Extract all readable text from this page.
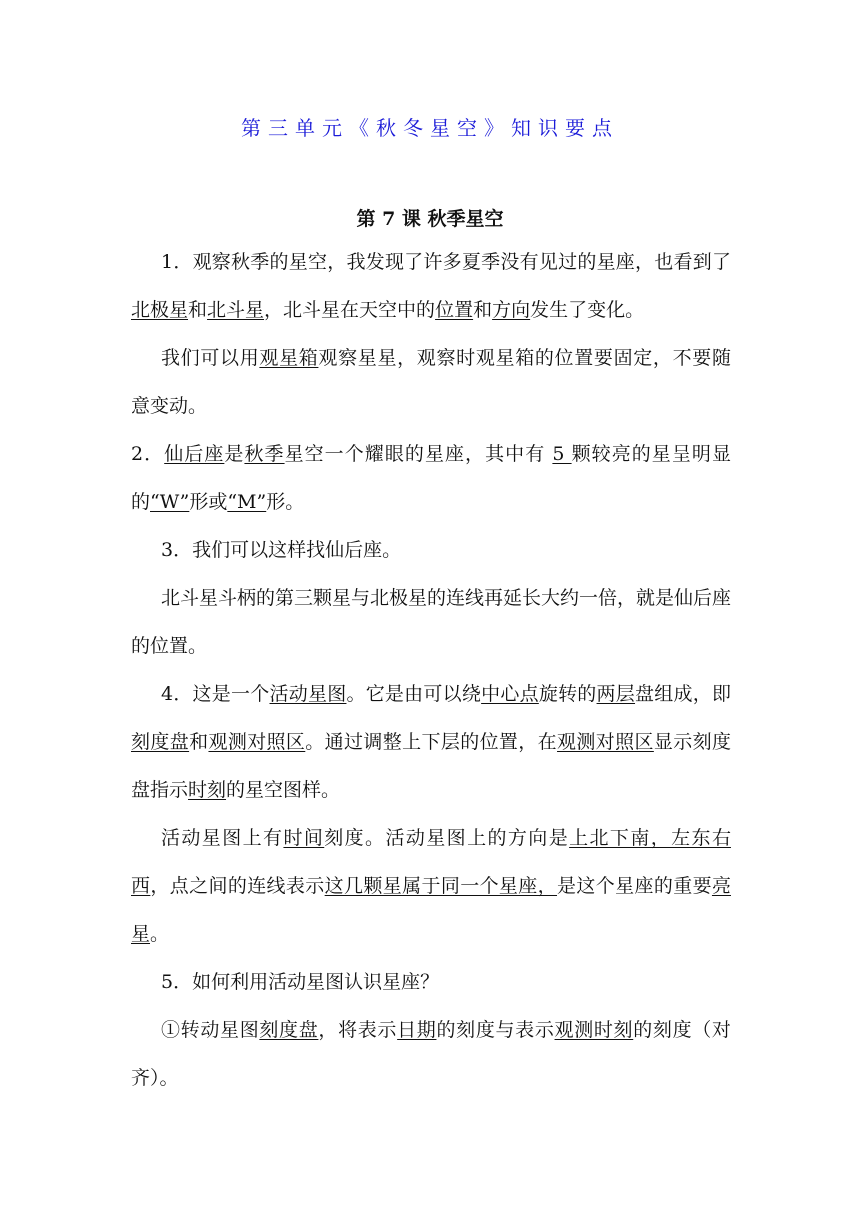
第三单元《秋冬星空》知识要点
第 7 课 秋季星空

1．观察秋季的星空，我发现了许多夏季没有见过的星座，也看到了北极星和北斗星，北斗星在天空中的位置和方向发生了变化。

我们可以用观星箱观察星星，观察时观星箱的位置要固定，不要随意变动。

2．仙后座是秋季星空一个耀眼的星座，其中有 5 颗较亮的星呈明显的“W”形或“M”形。

3．我们可以这样找仙后座。

北斗星斗柄的第三颗星与北极星的连线再延长大约一倍，就是仙后座的位置。

4．这是一个活动星图。它是由可以绕中心点旋转的两层盘组成，即刻度盘和观测对照区。通过调整上下层的位置，在观测对照区显示刻度盘指示时刻的星空图样。

活动星图上有时间刻度。活动星图上的方向是上北下南，左东右西，点之间的连线表示这几颗星属于同一个星座，是这个星座的重要亮星。

5．如何利用活动星图认识星座？

①转动星图刻度盘，将表示日期的刻度与表示观测时刻的刻度（对齐）。
